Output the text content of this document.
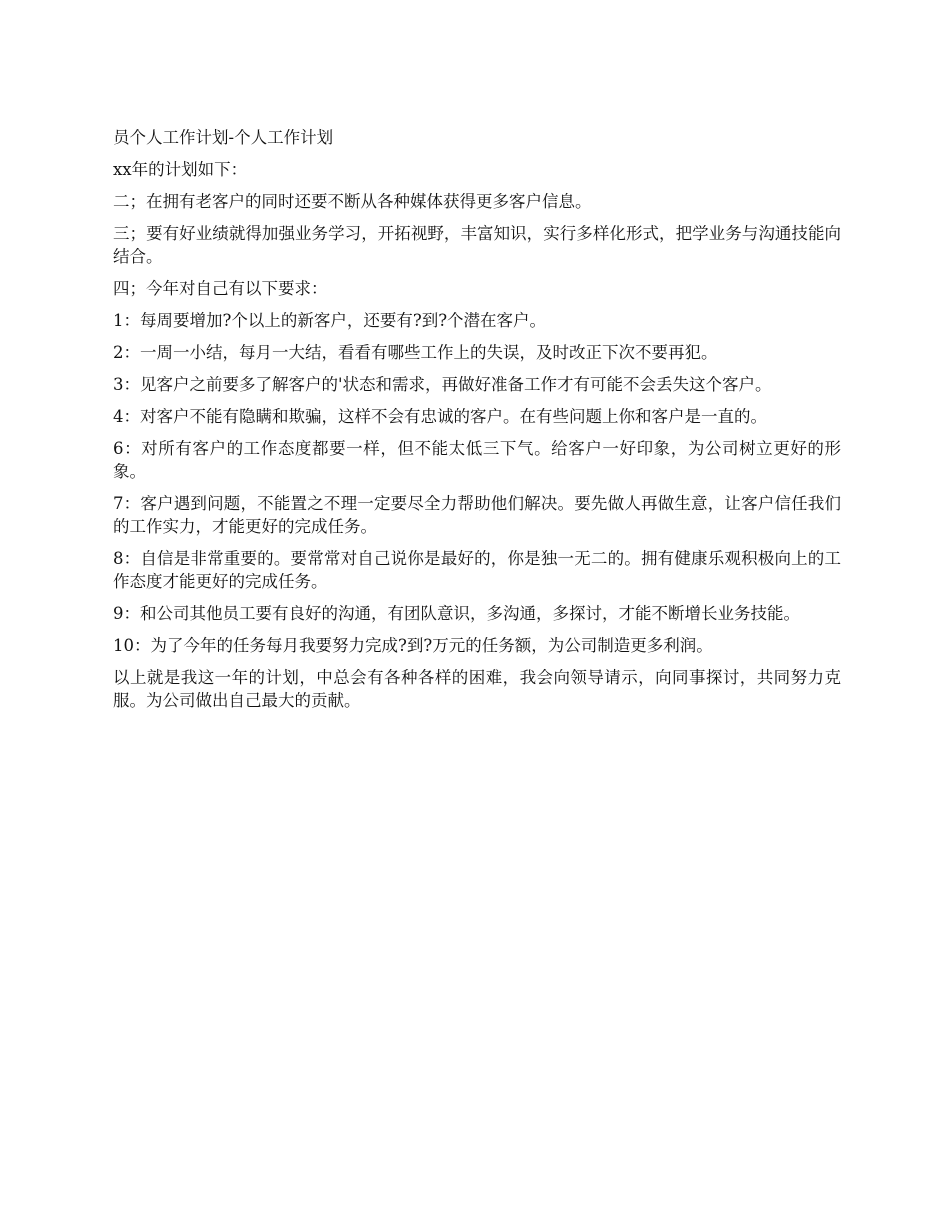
员个人工作计划-个人工作计划

xx年的计划如下：

二；在拥有老客户的同时还要不断从各种媒体获得更多客户信息。

三；要有好业绩就得加强业务学习，开拓视野，丰富知识，实行多样化形式，把学业务与沟通技能向结合。

四；今年对自己有以下要求：

1：每周要增加?个以上的新客户，还要有?到?个潜在客户。

2：一周一小结，每月一大结，看看有哪些工作上的失误，及时改正下次不要再犯。

3：见客户之前要多了解客户的'状态和需求，再做好准备工作才有可能不会丢失这个客户。

4：对客户不能有隐瞒和欺骗，这样不会有忠诚的客户。在有些问题上你和客户是一直的。

6：对所有客户的工作态度都要一样，但不能太低三下气。给客户一好印象，为公司树立更好的形象。

7：客户遇到问题，不能置之不理一定要尽全力帮助他们解决。要先做人再做生意，让客户信任我们的工作实力，才能更好的完成任务。

8：自信是非常重要的。要常常对自己说你是最好的，你是独一无二的。拥有健康乐观积极向上的工作态度才能更好的完成任务。

9：和公司其他员工要有良好的沟通，有团队意识，多沟通，多探讨，才能不断增长业务技能。

10：为了今年的任务每月我要努力完成?到?万元的任务额，为公司制造更多利润。

以上就是我这一年的计划，中总会有各种各样的困难，我会向领导请示，向同事探讨，共同努力克服。为公司做出自己最大的贡献。
